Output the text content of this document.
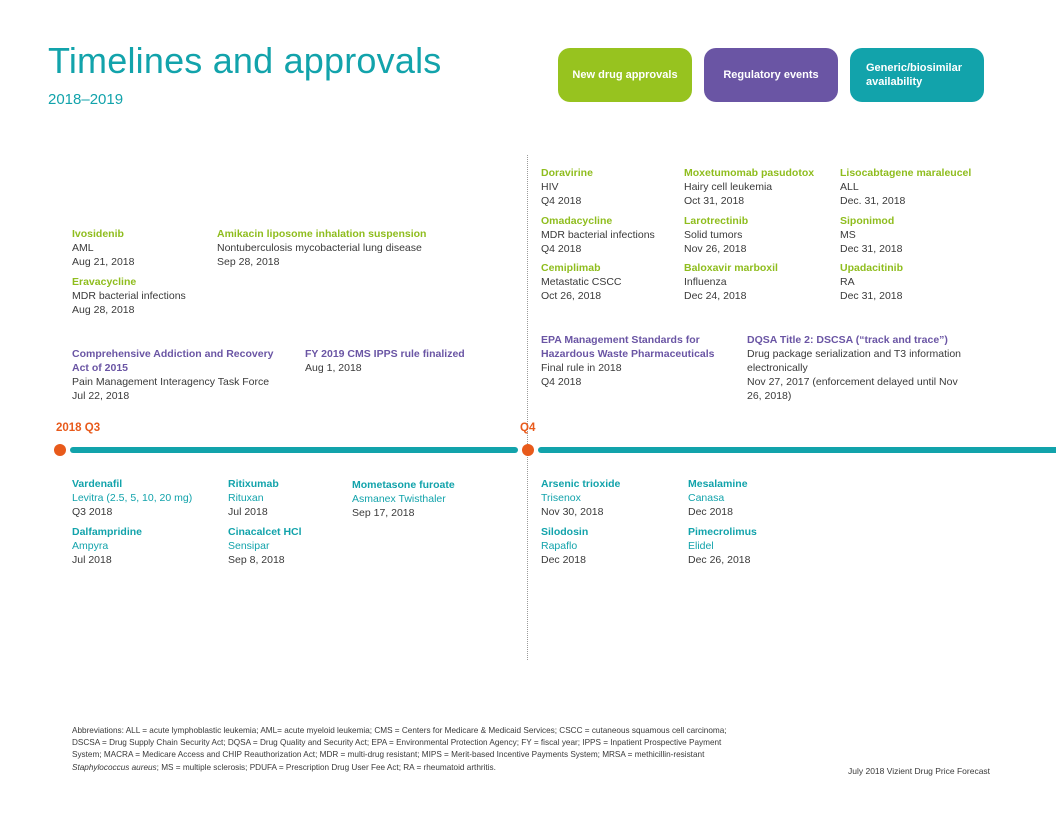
Timelines and approvals
2018–2019
New drug approvals	Regulatory events
Generic/biosimilar availability
Ivosidenib
AML
Aug 21, 2018
Eravacycline
MDR bacterial infections
Aug 28, 2018
Amikacin liposome inhalation suspension
Nontuberculosis mycobacterial lung disease
Sep 28, 2018
Comprehensive Addiction and Recovery Act of 2015
Pain Management Interagency Task Force
Jul 22, 2018
FY 2019 CMS IPPS rule finalized
Aug 1, 2018
Doravirine
HIV
Q4 2018
Omadacycline
MDR bacterial infections
Q4 2018
Cemiplimab
Metastatic CSCC
Oct 26, 2018
Moxetumomab pasudotox
Hairy cell leukemia
Oct 31, 2018
Larotrectinib
Solid tumors
Nov 26, 2018
Baloxavir marboxil
Influenza
Dec 24, 2018
Lisocabtagene maraleucel
ALL
Dec. 31, 2018
Siponimod
MS
Dec 31, 2018
Upadacitinib
RA
Dec 31, 2018
EPA Management Standards for Hazardous Waste Pharmaceuticals
Final rule in 2018
Q4 2018
DQSA Title 2: DSCSA (“track and trace”)
Drug package serialization and T3 information electronically
Nov 27, 2017 (enforcement delayed until Nov 26, 2018)
2018 Q3	Q4
Vardenafil
Levitra (2.5, 5, 10, 20 mg)
Q3 2018
Dalfampridine
Ampyra
Jul 2018
Ritixumab
Rituxan
Jul 2018
Cinacalcet HCl
Sensipar
Sep 8, 2018
Mometasone furoate
Asmanex Twisthaler
Sep 17, 2018
Arsenic trioxide
Trisenox
Nov 30, 2018
Silodosin
Rapaflo
Dec 2018
Mesalamine
Canasa
Dec 2018
Pimecrolimus
Elidel
Dec 26, 2018
Abbreviations: ALL = acute lymphoblastic leukemia; AML= acute myeloid leukemia; CMS = Centers for Medicare & Medicaid Services; CSCC = cutaneous squamous cell carcinoma; DSCSA = Drug Supply Chain Security Act; DQSA = Drug Quality and Security Act; EPA = Environmental Protection Agency; FY = fiscal year; IPPS = Inpatient Prospective Payment System; MACRA = Medicare Access and CHIP Reauthorization Act; MDR = multi-drug resistant; MIPS = Merit-based Incentive Payments System; MRSA = methicillin-resistant Staphylococcus aureus; MS = multiple sclerosis; PDUFA = Prescription Drug User Fee Act; RA = rheumatoid arthritis.	July 2018 Vizient Drug Price Forecast
